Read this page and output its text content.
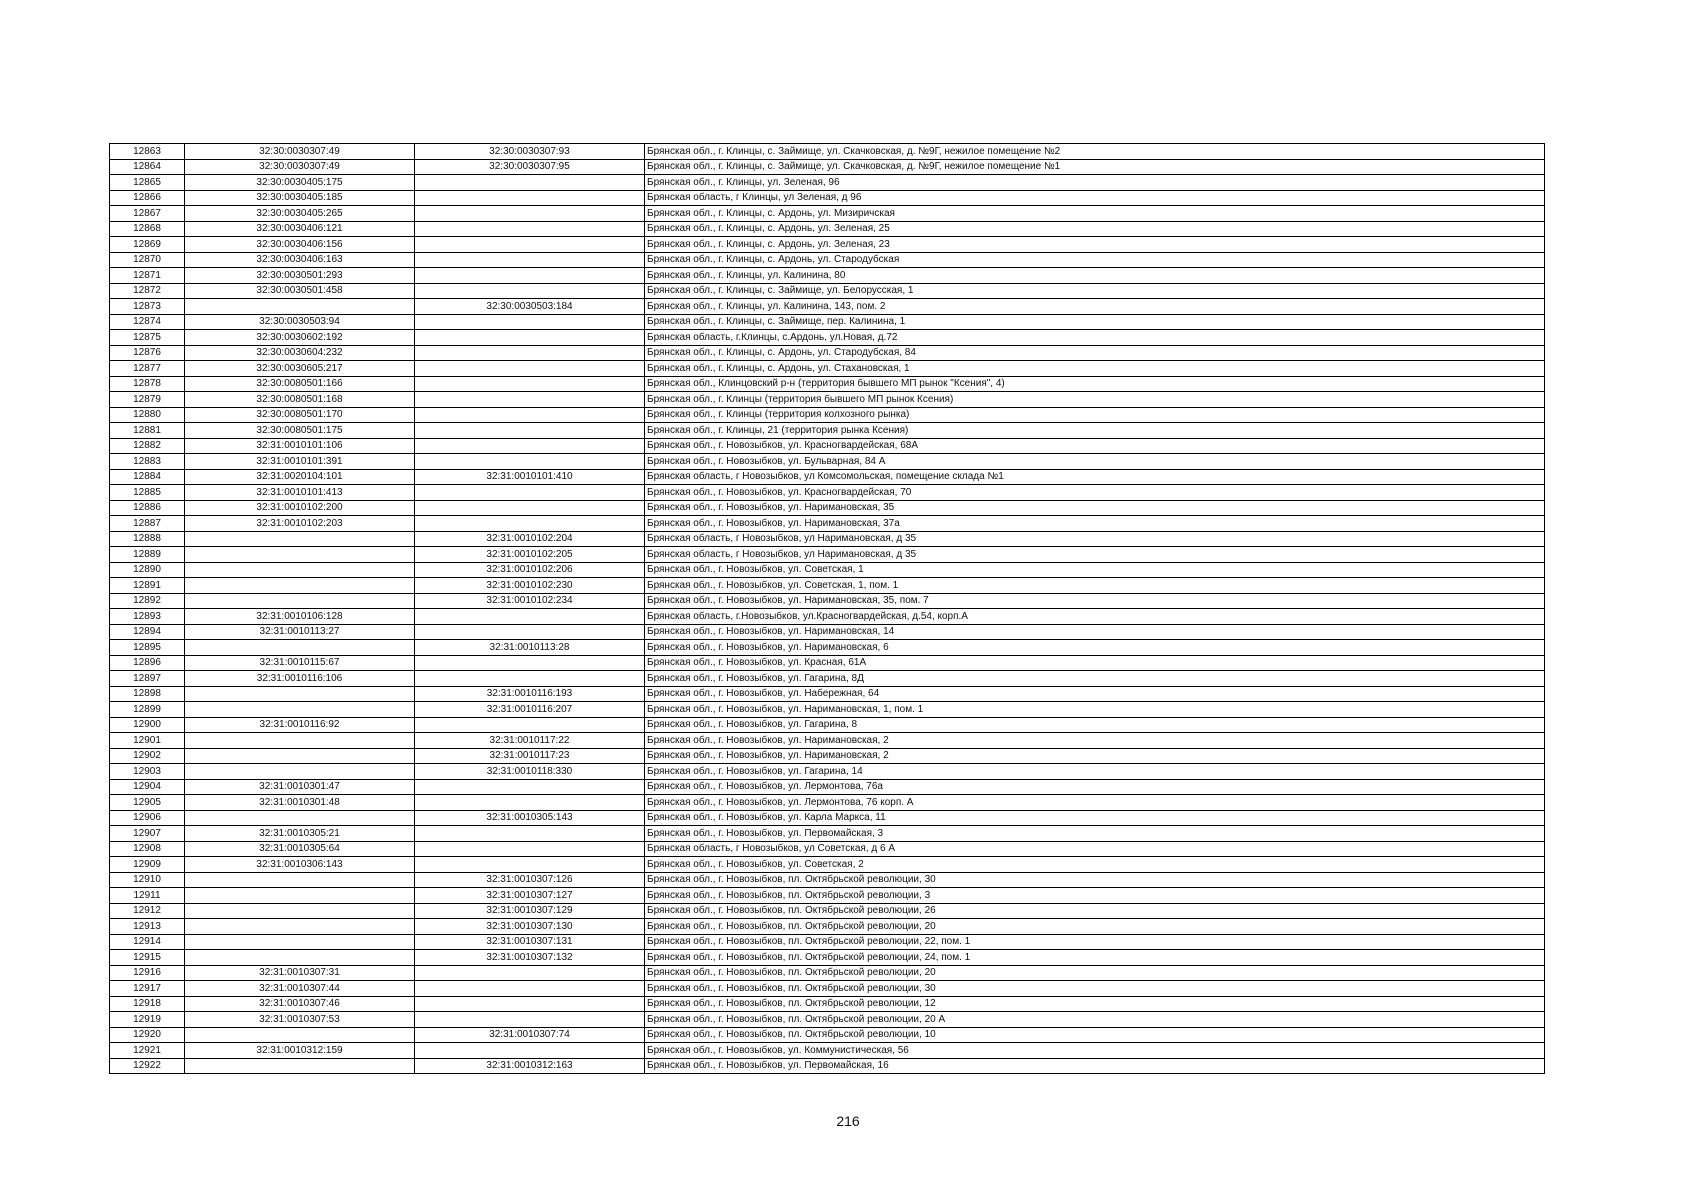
12863	32:30:0030307:49	32:30:0030307:93	Брянская обл., г. Клинцы, с. Займище, ул. Скачковская, д. №9Г, нежилое помещение №2
12864	32:30:0030307:49	32:30:0030307:95	Брянская обл., г. Клинцы, с. Займище, ул. Скачковская, д. №9Г, нежилое помещение №1
12865	32:30:0030405:175		Брянская обл., г. Клинцы, ул. Зеленая, 96
12866	32:30:0030405:185		Брянская область, г Клинцы, ул Зеленая, д 96
12867	32:30:0030405:265		Брянская обл., г. Клинцы, с. Ардонь, ул. Мизиричская
12868	32:30:0030406:121		Брянская обл., г. Клинцы, с. Ардонь, ул. Зеленая, 25
12869	32:30:0030406:156		Брянская обл., г. Клинцы, с. Ардонь, ул. Зеленая, 23
12870	32:30:0030406:163		Брянская обл., г. Клинцы, с. Ардонь, ул. Стародубская
12871	32:30:0030501:293		Брянская обл., г. Клинцы, ул. Калинина, 80
12872	32:30:0030501:458		Брянская обл., г. Клинцы, с. Займище, ул. Белорусская, 1
12873		32:30:0030503:184	Брянская обл., г. Клинцы, ул. Калинина, 143, пом. 2
12874	32:30:0030503:94		Брянская обл., г. Клинцы, с. Займище, пер. Калинина, 1
12875	32:30:0030602:192		Брянская область, г.Клинцы, с.Ардонь, ул.Новая, д.72
12876	32:30:0030604:232		Брянская обл., г. Клинцы, с. Ардонь, ул. Стародубская, 84
12877	32:30:0030605:217		Брянская обл., г. Клинцы, с. Ардонь, ул. Стахановская, 1
12878	32:30:0080501:166		Брянская обл., Клинцовский р-н (территория бывшего МП рынок "Ксения", 4)
12879	32:30:0080501:168		Брянская обл., г. Клинцы (территория бывшего МП рынок Ксения)
12880	32:30:0080501:170		Брянская обл., г. Клинцы (территория колхозного рынка)
12881	32:30:0080501:175		Брянская обл., г. Клинцы, 21 (территория рынка Ксения)
12882	32:31:0010101:106		Брянская обл., г. Новозыбков, ул. Красногвардейская, 68А
12883	32:31:0010101:391		Брянская обл., г. Новозыбков, ул. Бульварная, 84 А
12884	32:31:0020104:101	32:31:0010101:410	Брянская область, г Новозыбков, ул Комсомольская, помещение склада №1
12885	32:31:0010101:413		Брянская обл., г. Новозыбков, ул. Красногвардейская, 70
12886	32:31:0010102:200		Брянская обл., г. Новозыбков, ул. Наримановская, 35
12887	32:31:0010102:203		Брянская обл., г. Новозыбков, ул. Наримановская, 37а
12888		32:31:0010102:204	Брянская область, г Новозыбков, ул Наримановская, д 35
12889		32:31:0010102:205	Брянская область, г Новозыбков, ул Наримановская, д 35
12890		32:31:0010102:206	Брянская обл., г. Новозыбков, ул. Советская, 1
12891		32:31:0010102:230	Брянская обл., г. Новозыбков, ул. Советская, 1, пом. 1
12892		32:31:0010102:234	Брянская обл., г. Новозыбков, ул. Наримановская, 35, пом. 7
12893	32:31:0010106:128		Брянская область, г.Новозыбков, ул.Красногвардейская, д.54, корп.А
12894	32:31:0010113:27		Брянская обл., г. Новозыбков, ул. Наримановская, 14
12895		32:31:0010113:28	Брянская обл., г. Новозыбков, ул. Наримановская, 6
12896	32:31:0010115:67		Брянская обл., г. Новозыбков, ул. Красная, 61А
12897	32:31:0010116:106		Брянская обл., г. Новозыбков, ул. Гагарина, 8Д
12898		32:31:0010116:193	Брянская обл., г. Новозыбков, ул. Набережная, 64
12899		32:31:0010116:207	Брянская обл., г. Новозыбков, ул. Наримановская, 1, пом. 1
12900	32:31:0010116:92		Брянская обл., г. Новозыбков, ул. Гагарина, 8
12901		32:31:0010117:22	Брянская обл., г. Новозыбков, ул. Наримановская, 2
12902		32:31:0010117:23	Брянская обл., г. Новозыбков, ул. Наримановская, 2
12903		32:31:0010118:330	Брянская обл., г. Новозыбков, ул. Гагарина, 14
12904	32:31:0010301:47		Брянская обл., г. Новозыбков, ул. Лермонтова, 76а
12905	32:31:0010301:48		Брянская обл., г. Новозыбков, ул. Лермонтова, 76 корп. А
12906		32:31:0010305:143	Брянская обл., г. Новозыбков, ул. Карла Маркса, 11
12907	32:31:0010305:21		Брянская обл., г. Новозыбков, ул. Первомайская, 3
12908	32:31:0010305:64		Брянская область, г Новозыбков, ул Советская, д 6 А
12909	32:31:0010306:143		Брянская обл., г. Новозыбков, ул. Советская, 2
12910		32:31:0010307:126	Брянская обл., г. Новозыбков, пл. Октябрьской революции, 30
12911		32:31:0010307:127	Брянская обл., г. Новозыбков, пл. Октябрьской революции, 3
12912		32:31:0010307:129	Брянская обл., г. Новозыбков, пл. Октябрьской революции, 26
12913		32:31:0010307:130	Брянская обл., г. Новозыбков, пл. Октябрьской революции, 20
12914		32:31:0010307:131	Брянская обл., г. Новозыбков, пл. Октябрьской революции, 22, пом. 1
12915		32:31:0010307:132	Брянская обл., г. Новозыбков, пл. Октябрьской революции, 24, пом. 1
12916	32:31:0010307:31		Брянская обл., г. Новозыбков, пл. Октябрьской революции, 20
12917	32:31:0010307:44		Брянская обл., г. Новозыбков, пл. Октябрьской революции, 30
12918	32:31:0010307:46		Брянская обл., г. Новозыбков, пл. Октябрьской революции, 12
12919	32:31:0010307:53		Брянская обл., г. Новозыбков, пл. Октябрьской революции, 20 А
12920		32:31:0010307:74	Брянская обл., г. Новозыбков, пл. Октябрьской революции, 10
12921	32:31:0010312:159		Брянская обл., г. Новозыбков, ул. Коммунистическая, 56
12922		32:31:0010312:163	Брянская обл., г. Новозыбков, ул. Первомайская, 16
216
